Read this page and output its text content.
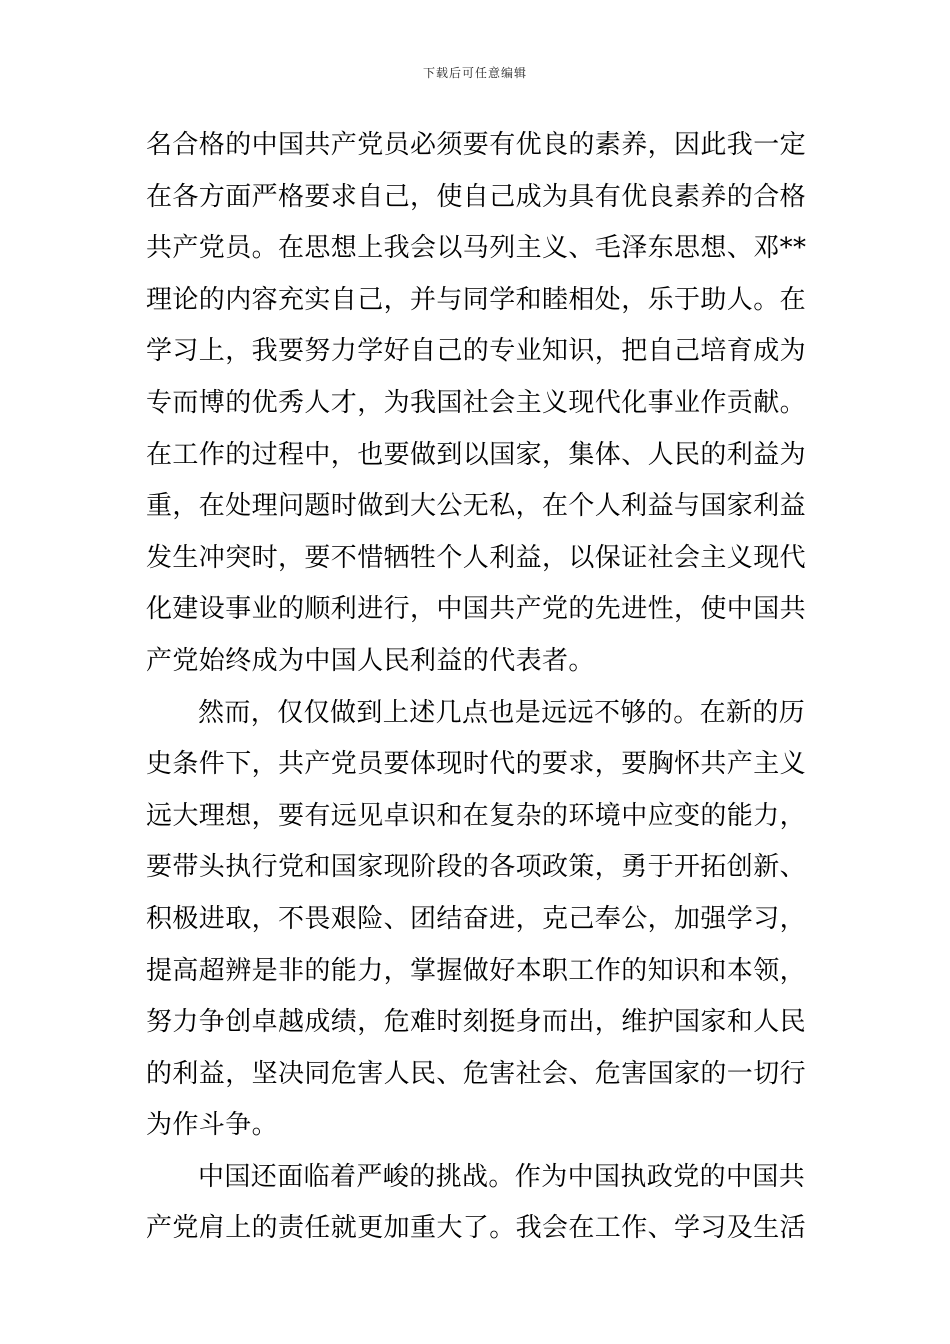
下载后可任意编辑
名合格的中国共产党员必须要有优良的素养，因此我一定
在各方面严格要求自己，使自己成为具有优良素养的合格
共产党员。在思想上我会以马列主义、毛泽东思想、邓**
理论的内容充实自己，并与同学和睦相处，乐于助人。在
学习上，我要努力学好自己的专业知识，把自己培育成为
专而博的优秀人才，为我国社会主义现代化事业作贡献。
在工作的过程中，也要做到以国家，集体、人民的利益为
重，在处理问题时做到大公无私，在个人利益与国家利益
发生冲突时，要不惜牺牲个人利益，以保证社会主义现代
化建设事业的顺利进行，中国共产党的先进性，使中国共
产党始终成为中国人民利益的代表者。
然而，仅仅做到上述几点也是远远不够的。在新的历
史条件下，共产党员要体现时代的要求，要胸怀共产主义
远大理想，要有远见卓识和在复杂的环境中应变的能力，
要带头执行党和国家现阶段的各项政策，勇于开拓创新、
积极进取，不畏艰险、团结奋进，克己奉公，加强学习，
提高超辨是非的能力，掌握做好本职工作的知识和本领，
努力争创卓越成绩，危难时刻挺身而出，维护国家和人民
的利益，坚决同危害人民、危害社会、危害国家的一切行
为作斗争。
中国还面临着严峻的挑战。作为中国执政党的中国共
产党肩上的责任就更加重大了。我会在工作、学习及生活
